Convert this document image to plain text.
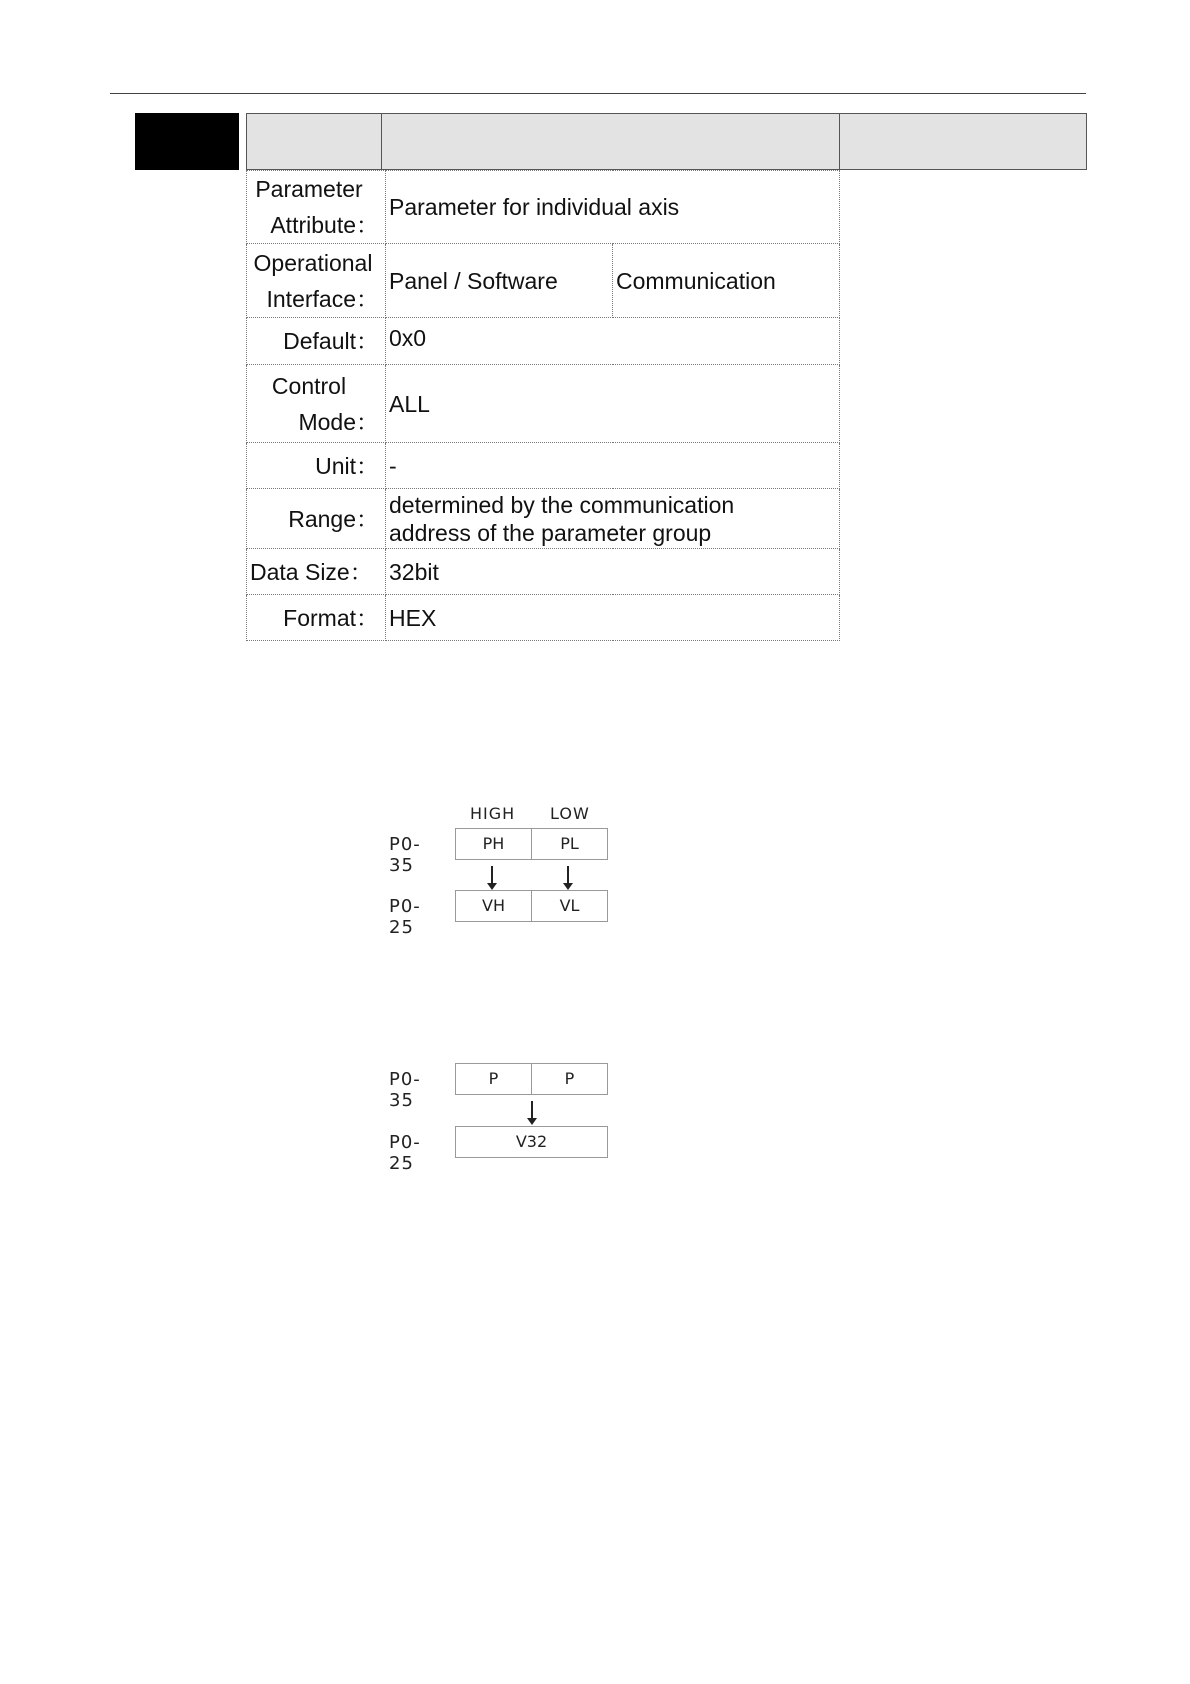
Parameter
Attribute：	Parameter for individual axis	

Operational
Interface：	Panel / Software	Communication
Default：	0x0	

Control
Mode：	ALL	
Unit：	-	
Range：	determined by the communication
address of the parameter group	

Data Size：	32bit	
Format：	HEX	
HIGH LOW
P0-35
PH	PL
P0-25
VH	VL
P0-35
P	P
P0-25
V32
